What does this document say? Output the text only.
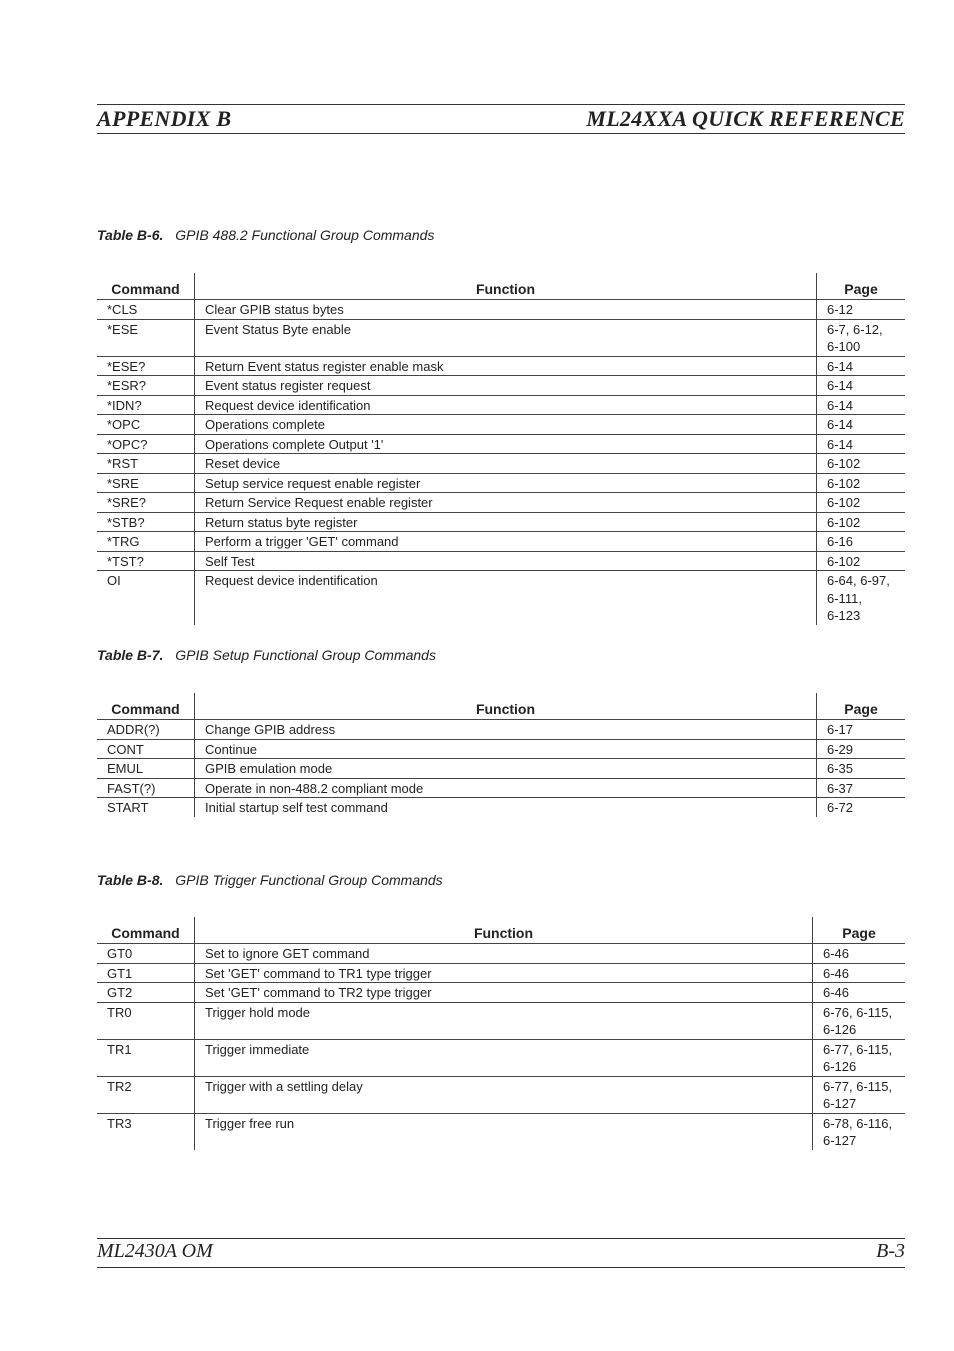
APPENDIX B	ML24XXA QUICK REFERENCE
Table B-6. GPIB 488.2 Functional Group Commands
Command	Function	Page
*CLS	Clear GPIB status bytes	6-12

*ESE	Event Status Byte enable	6-7, 6-12,
6-100

*ESE?	Return Event status register enable mask	6-14

*ESR?	Event status register request	6-14

*IDN?	Request device identification	6-14

*OPC	Operations complete	6-14

*OPC?	Operations complete Output '1'	6-14

*RST	Reset device	6-102

*SRE	Setup service request enable register	6-102

*SRE?	Return Service Request enable register	6-102

*STB?	Return status byte register	6-102

*TRG	Perform a trigger 'GET' command	6-16

*TST?	Self Test	6-102

OI	Request device indentification	6-64, 6-97,
6-111,
6-123
Table B-7. GPIB Setup Functional Group Commands
Command	Function	Page
ADDR(?)	Change GPIB address	6-17

CONT	Continue	6-29

EMUL	GPIB emulation mode	6-35

FAST(?)	Operate in non-488.2 compliant mode	6-37

START	Initial startup self test command	6-72
Table B-8. GPIB Trigger Functional Group Commands
Command	Function	Page
GT0	Set to ignore GET command	6-46

GT1	Set 'GET' command to TR1 type trigger	6-46

GT2	Set 'GET' command to TR2 type trigger	6-46

TR0	Trigger hold mode	6-76, 6-115,
6-126

TR1	Trigger immediate	6-77, 6-115,
6-126

TR2	Trigger with a settling delay	6-77, 6-115,
6-127

TR3	Trigger free run	6-78, 6-116,
6-127
ML2430A OM	B-3
